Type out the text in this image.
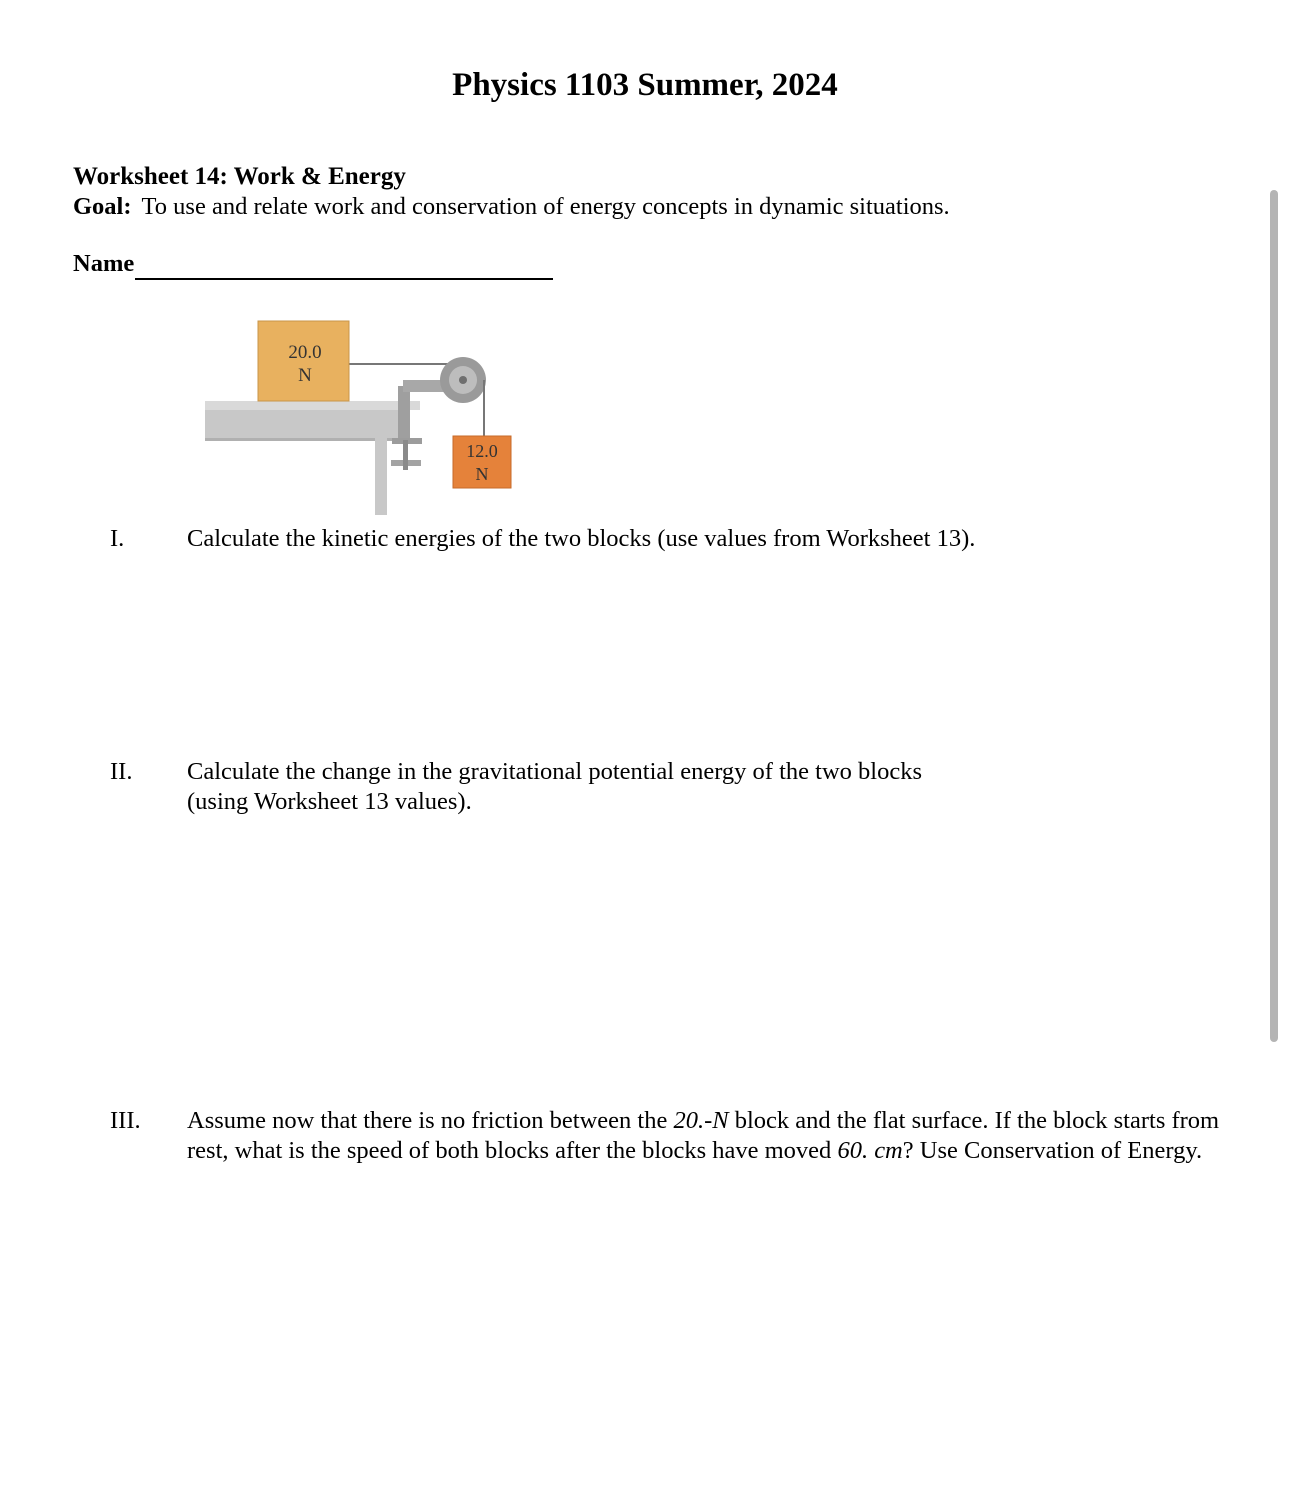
Physics 1103 Summer, 2024
Worksheet 14: Work & Energy
Goal: To use and relate work and conservation of energy concepts in dynamic situations.
Name
20.0
N
12.0
N
I.	Calculate the kinetic energies of the two blocks (use values from Worksheet 13).
II. Calculate the change in the gravitational potential energy of the two blocks
(using Worksheet 13 values).
III. Assume now that there is no friction between the 20.-N block and the flat surface. If the block starts from rest, what is the speed of both blocks after the blocks have moved 60. cm? Use Conservation of Energy.
